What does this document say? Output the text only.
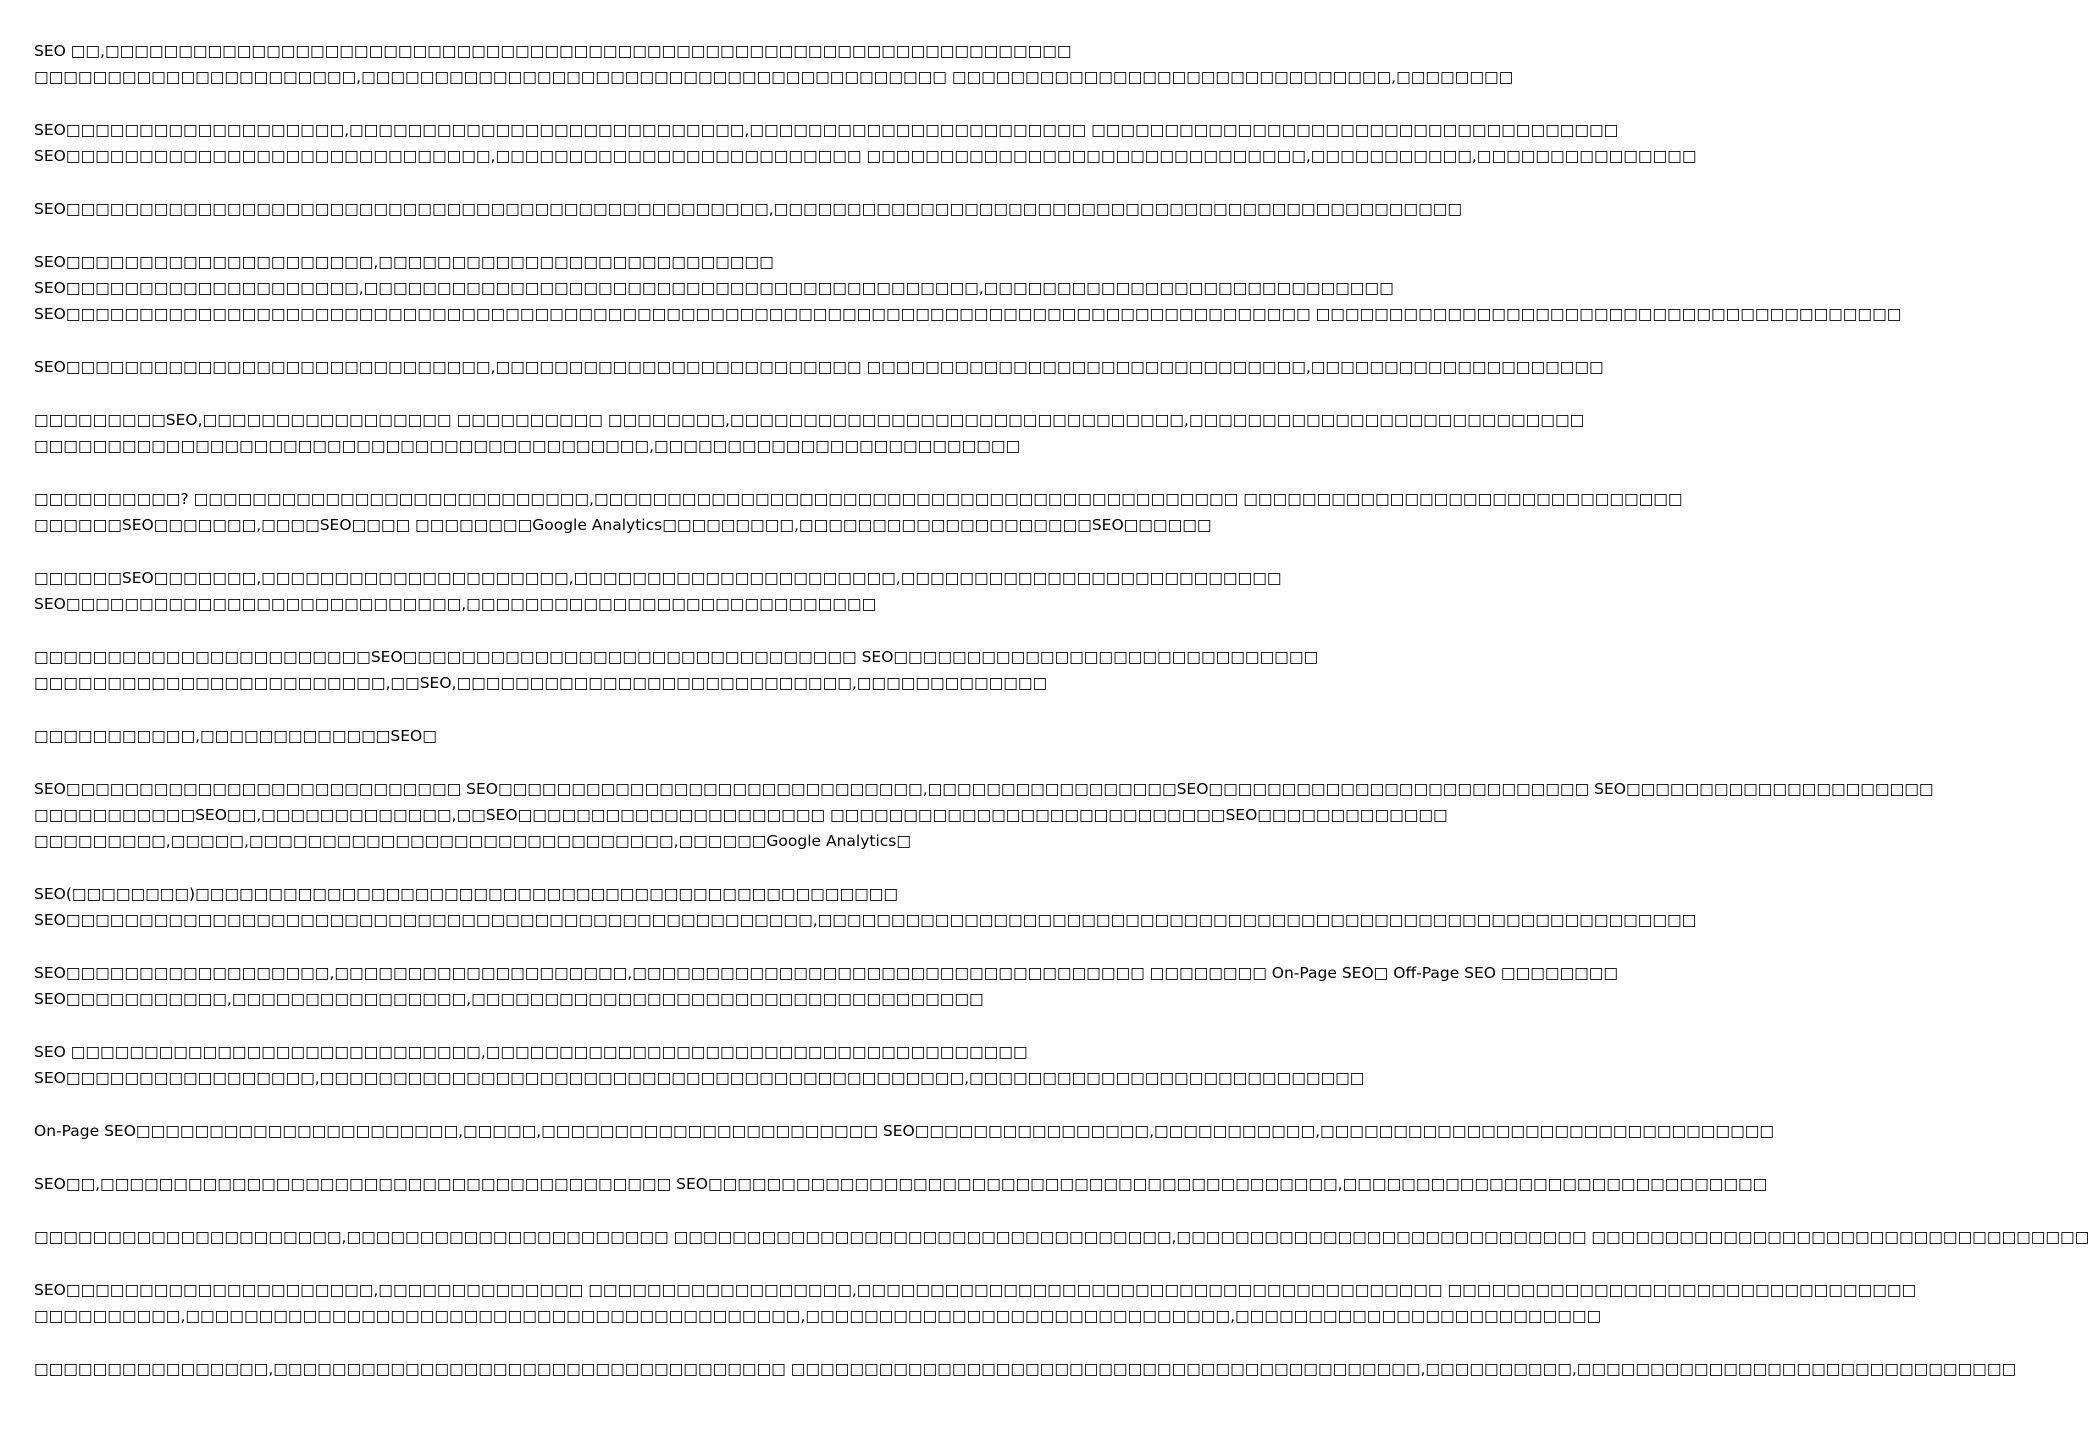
SEO □□,□□□□□□□□□□□□□□□□□□□□□□□□□□□□□□□□□□□□□□□□□□□□□□□□□□□□□□□□□□□□□□□□□□
□□□□□□□□□□□□□□□□□□□□□□,□□□□□□□□□□□□□□□□□□□□□□□□□□□□□□□□□□□□□□□□ □□□□□□□□□□□□□□□□□□□□□□□□□□□□□□,□□□□□□□□
SEO□□□□□□□□□□□□□□□□□□□,□□□□□□□□□□□□□□□□□□□□□□□□□□□,□□□□□□□□□□□□□□□□□□□□□□□ □□□□□□□□□□□□□□□□□□□□□□□□□□□□□□□□□□□□
SEO□□□□□□□□□□□□□□□□□□□□□□□□□□□□□,□□□□□□□□□□□□□□□□□□□□□□□□□ □□□□□□□□□□□□□□□□□□□□□□□□□□□□□□,□□□□□□□□□□□,□□□□□□□□□□□□□□□
SEO□□□□□□□□□□□□□□□□□□□□□□□□□□□□□□□□□□□□□□□□□□□□□□□□,□□□□□□□□□□□□□□□□□□□□□□□□□□□□□□□□□□□□□□□□□□□□□□□
SEO□□□□□□□□□□□□□□□□□□□□□,□□□□□□□□□□□□□□□□□□□□□□□□□□□
SEO□□□□□□□□□□□□□□□□□□□□,□□□□□□□□□□□□□□□□□□□□□□□□□□□□□□□□□□□□□□□□□□,□□□□□□□□□□□□□□□□□□□□□□□□□□□□
SEO□□□□□□□□□□□□□□□□□□□□□□□□□□□□□□□□□□□□□□□□□□□□□□□□□□□□□□□□□□□□□□□□□□□□□□□□□□□□□□□□□□□□□ □□□□□□□□□□□□□□□□□□□□□□□□□□□□□□□□□□□□□□□□
SEO□□□□□□□□□□□□□□□□□□□□□□□□□□□□□,□□□□□□□□□□□□□□□□□□□□□□□□□ □□□□□□□□□□□□□□□□□□□□□□□□□□□□□□,□□□□□□□□□□□□□□□□□□□□
□□□□□□□□□SEO,□□□□□□□□□□□□□□□□□ □□□□□□□□□□ □□□□□□□□,□□□□□□□□□□□□□□□□□□□□□□□□□□□□□□□,□□□□□□□□□□□□□□□□□□□□□□□□□□□
□□□□□□□□□□□□□□□□□□□□□□□□□□□□□□□□□□□□□□□□□□,□□□□□□□□□□□□□□□□□□□□□□□□□
□□□□□□□□□□? □□□□□□□□□□□□□□□□□□□□□□□□□□□,□□□□□□□□□□□□□□□□□□□□□□□□□□□□□□□□□□□□□□□□□□□□ □□□□□□□□□□□□□□□□□□□□□□□□□□□□□□
□□□□□□SEO□□□□□□□,□□□□SEO□□□□ □□□□□□□□Google Analytics□□□□□□□□□,□□□□□□□□□□□□□□□□□□□□SEO□□□□□□
□□□□□□SEO□□□□□□□,□□□□□□□□□□□□□□□□□□□□□,□□□□□□□□□□□□□□□□□□□□□□,□□□□□□□□□□□□□□□□□□□□□□□□□□
SEO□□□□□□□□□□□□□□□□□□□□□□□□□□□,□□□□□□□□□□□□□□□□□□□□□□□□□□□□
□□□□□□□□□□□□□□□□□□□□□□□SEO□□□□□□□□□□□□□□□□□□□□□□□□□□□□□□□ SEO□□□□□□□□□□□□□□□□□□□□□□□□□□□□□
□□□□□□□□□□□□□□□□□□□□□□□□,□□SEO,□□□□□□□□□□□□□□□□□□□□□□□□□□□,□□□□□□□□□□□□□
□□□□□□□□□□□,□□□□□□□□□□□□□SEO□
SEO□□□□□□□□□□□□□□□□□□□□□□□□□□□ SEO□□□□□□□□□□□□□□□□□□□□□□□□□□□□□,□□□□□□□□□□□□□□□□□SEO□□□□□□□□□□□□□□□□□□□□□□□□□□ SEO□□□□□□□□□□□□□□□□□□□□□
□□□□□□□□□□□SEO□□,□□□□□□□□□□□□□,□□SEO□□□□□□□□□□□□□□□□□□□□□ □□□□□□□□□□□□□□□□□□□□□□□□□□□SEO□□□□□□□□□□□□□
□□□□□□□□□,□□□□□,□□□□□□□□□□□□□□□□□□□□□□□□□□□□□,□□□□□□Google Analytics□
SEO(□□□□□□□□)□□□□□□□□□□□□□□□□□□□□□□□□□□□□□□□□□□□□□□□□□□□□□□□□
SEO□□□□□□□□□□□□□□□□□□□□□□□□□□□□□□□□□□□□□□□□□□□□□□□□□□□,□□□□□□□□□□□□□□□□□□□□□□□□□□□□□□□□□□□□□□□□□□□□□□□□□□□□□□□□□□□□
SEO□□□□□□□□□□□□□□□□□□,□□□□□□□□□□□□□□□□□□□□,□□□□□□□□□□□□□□□□□□□□□□□□□□□□□□□□□□□ □□□□□□□□ On-Page SEO□ Off-Page SEO □□□□□□□□
SEO□□□□□□□□□□□,□□□□□□□□□□□□□□□□,□□□□□□□□□□□□□□□□□□□□□□□□□□□□□□□□□□□
SEO □□□□□□□□□□□□□□□□□□□□□□□□□□□□,□□□□□□□□□□□□□□□□□□□□□□□□□□□□□□□□□□□□□
SEO□□□□□□□□□□□□□□□□□,□□□□□□□□□□□□□□□□□□□□□□□□□□□□□□□□□□□□□□□□□□□□,□□□□□□□□□□□□□□□□□□□□□□□□□□□
On-Page SEO□□□□□□□□□□□□□□□□□□□□□□,□□□□□,□□□□□□□□□□□□□□□□□□□□□□□ SEO□□□□□□□□□□□□□□□□,□□□□□□□□□□□,□□□□□□□□□□□□□□□□□□□□□□□□□□□□□□□
SEO□□,□□□□□□□□□□□□□□□□□□□□□□□□□□□□□□□□□□□□□□□ SEO□□□□□□□□□□□□□□□□□□□□□□□□□□□□□□□□□□□□□□□□□□□,□□□□□□□□□□□□□□□□□□□□□□□□□□□□□
□□□□□□□□□□□□□□□□□□□□□,□□□□□□□□□□□□□□□□□□□□□□ □□□□□□□□□□□□□□□□□□□□□□□□□□□□□□□□□□,□□□□□□□□□□□□□□□□□□□□□□□□□□□□ □□□□□□□□□□□□□□□□□□□□□□□□□□□□□□□□□□
SEO□□□□□□□□□□□□□□□□□□□□□,□□□□□□□□□□□□□□ □□□□□□□□□□□□□□□□□□,□□□□□□□□□□□□□□□□□□□□□□□□□□□□□□□□□□□□□□□□ □□□□□□□□□□□□□□□□□□□□□□□□□□□□□□□□
□□□□□□□□□□,□□□□□□□□□□□□□□□□□□□□□□□□□□□□□□□□□□□□□□□□□□,□□□□□□□□□□□□□□□□□□□□□□□□□□□□□,□□□□□□□□□□□□□□□□□□□□□□□□□
□□□□□□□□□□□□□□□□,□□□□□□□□□□□□□□□□□□□□□□□□□□□□□□□□□□□ □□□□□□□□□□□□□□□□□□□□□□□□□□□□□□□□□□□□□□□□□□□,□□□□□□□□□□,□□□□□□□□□□□□□□□□□□□□□□□□□□□□□□
